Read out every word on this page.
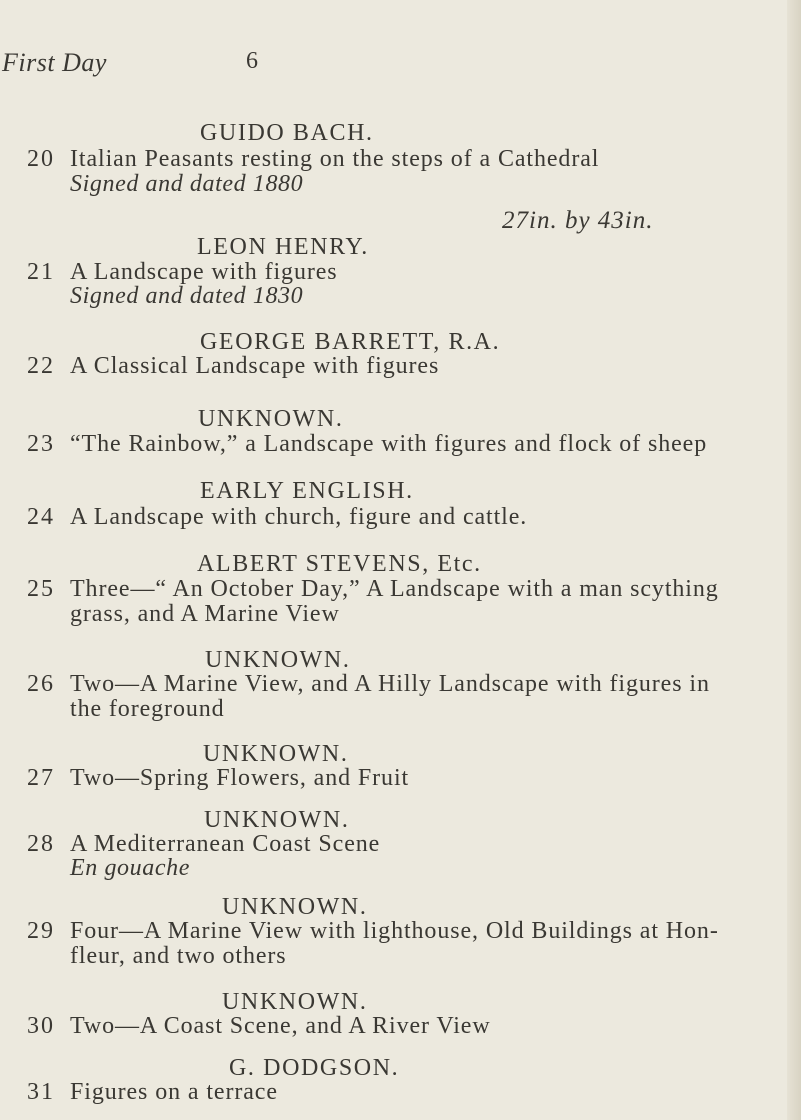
First Day	6
GUIDO BACH.
20 Italian Peasants resting on the steps of a Cathedral
Signed and dated 1880
27in. by 43in.
LEON HENRY.
21 A Landscape with figures
Signed and dated 1830
GEORGE BARRETT, R.A.
22 A Classical Landscape with figures
UNKNOWN.
23 “The Rainbow,” a Landscape with figures and flock of sheep
EARLY ENGLISH.
24 A Landscape with church, figure and cattle.
ALBERT STEVENS, Etc.
25 Three—“ An October Day,” A Landscape with a man scything
grass, and A Marine View
UNKNOWN.
26 Two—A Marine View, and A Hilly Landscape with figures in
the foreground
UNKNOWN.
27 Two—Spring Flowers, and Fruit
UNKNOWN.
28 A Mediterranean Coast Scene
En gouache
UNKNOWN.
29 Four—A Marine View with lighthouse, Old Buildings at Hon-
fleur, and two others
UNKNOWN.
30 Two—A Coast Scene, and A River View
G. DODGSON.
31 Figures on a terrace
